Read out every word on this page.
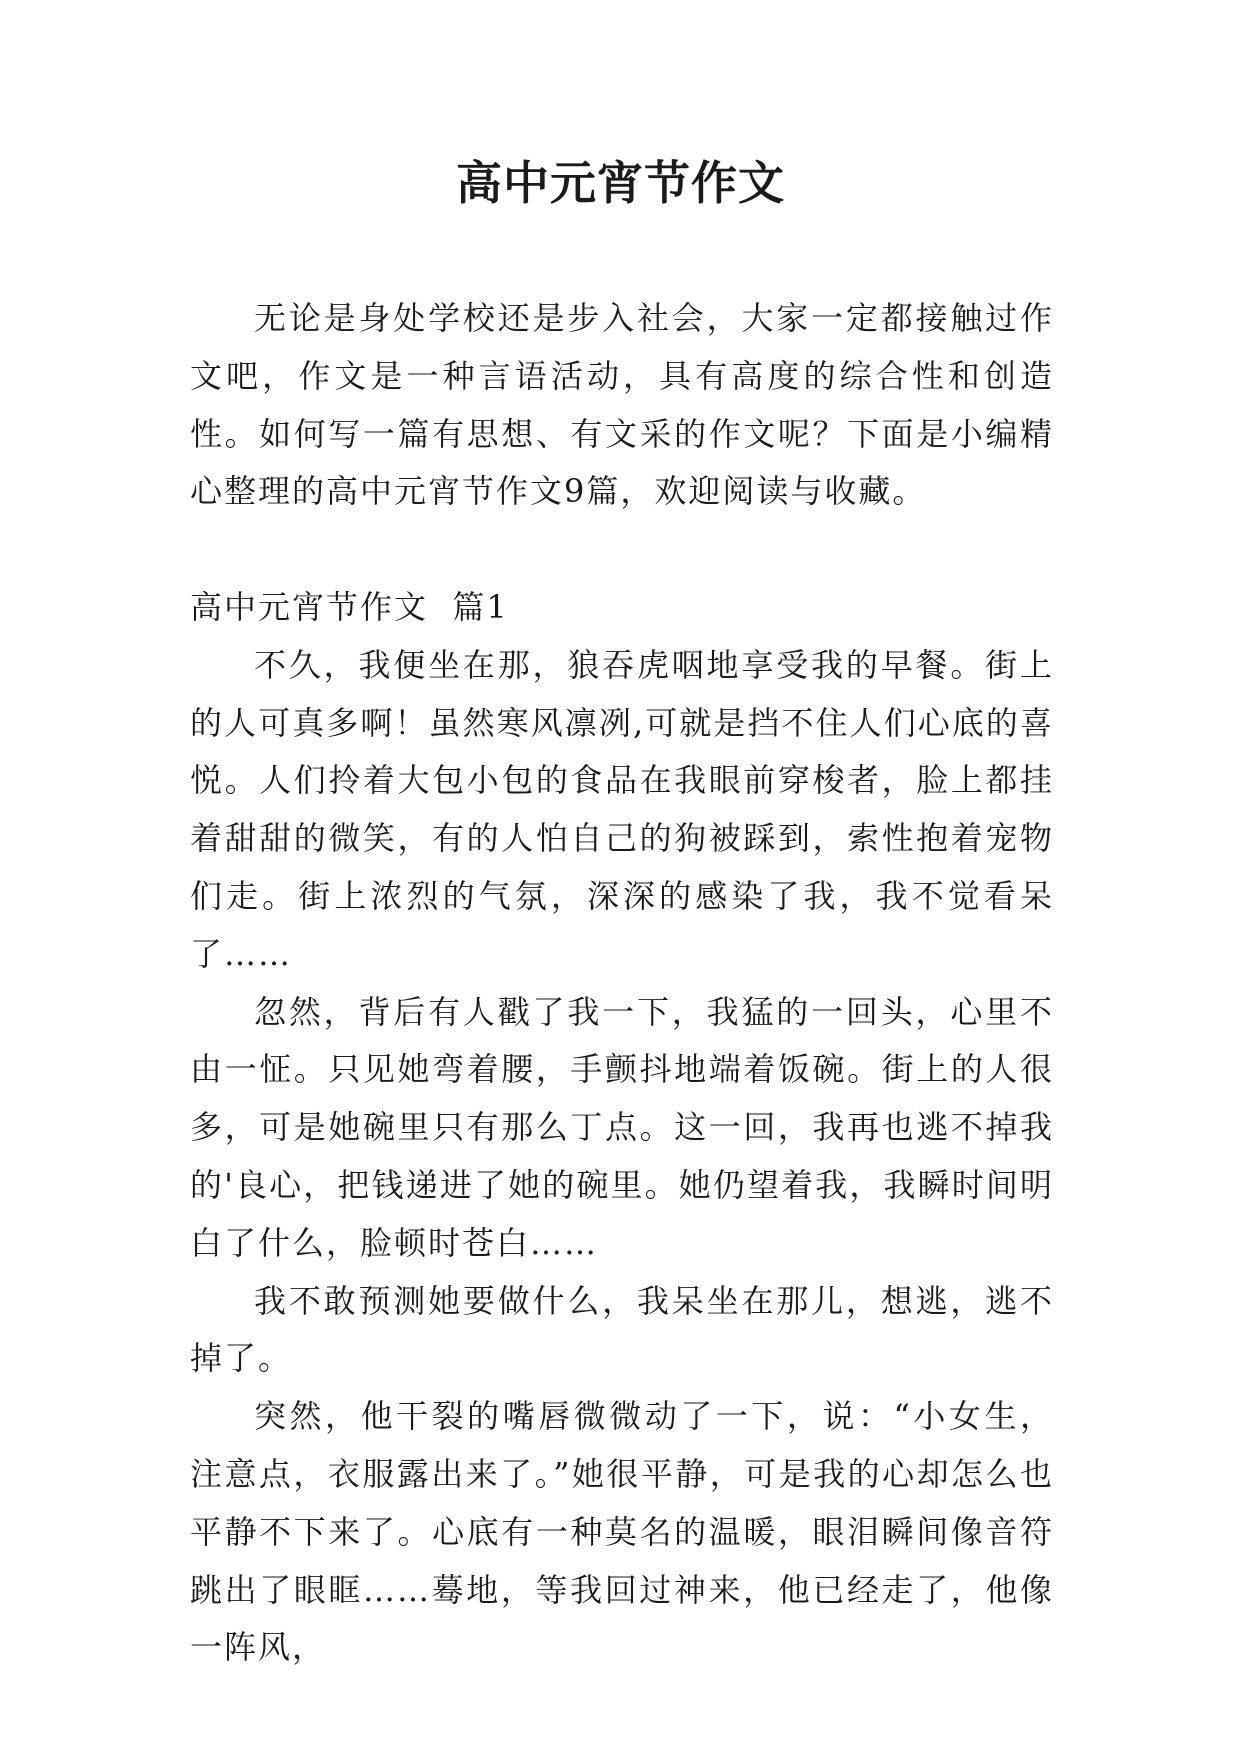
高中元宵节作文

无论是身处学校还是步入社会，大家一定都接触过作文吧，作文是一种言语活动，具有高度的综合性和创造性。如何写一篇有思想、有文采的作文呢？下面是小编精心整理的高中元宵节作文9篇，欢迎阅读与收藏。

高中元宵节作文  篇1

不久，我便坐在那，狼吞虎咽地享受我的早餐。街上的人可真多啊！虽然寒风凛冽,可就是挡不住人们心底的喜悦。人们拎着大包小包的食品在我眼前穿梭者，脸上都挂着甜甜的微笑，有的人怕自己的狗被踩到，索性抱着宠物们走。街上浓烈的气氛，深深的感染了我，我不觉看呆了……

忽然，背后有人戳了我一下，我猛的一回头，心里不由一怔。只见她弯着腰，手颤抖地端着饭碗。街上的人很多，可是她碗里只有那么丁点。这一回，我再也逃不掉我的'良心，把钱递进了她的碗里。她仍望着我，我瞬时间明白了什么，脸顿时苍白……

我不敢预测她要做什么，我呆坐在那儿，想逃，逃不掉了。

突然，他干裂的嘴唇微微动了一下，说：“小女生，注意点，衣服露出来了。”她很平静，可是我的心却怎么也平静不下来了。心底有一种莫名的温暖，眼泪瞬间像音符跳出了眼眶……蓦地，等我回过神来，他已经走了，他像一阵风，
